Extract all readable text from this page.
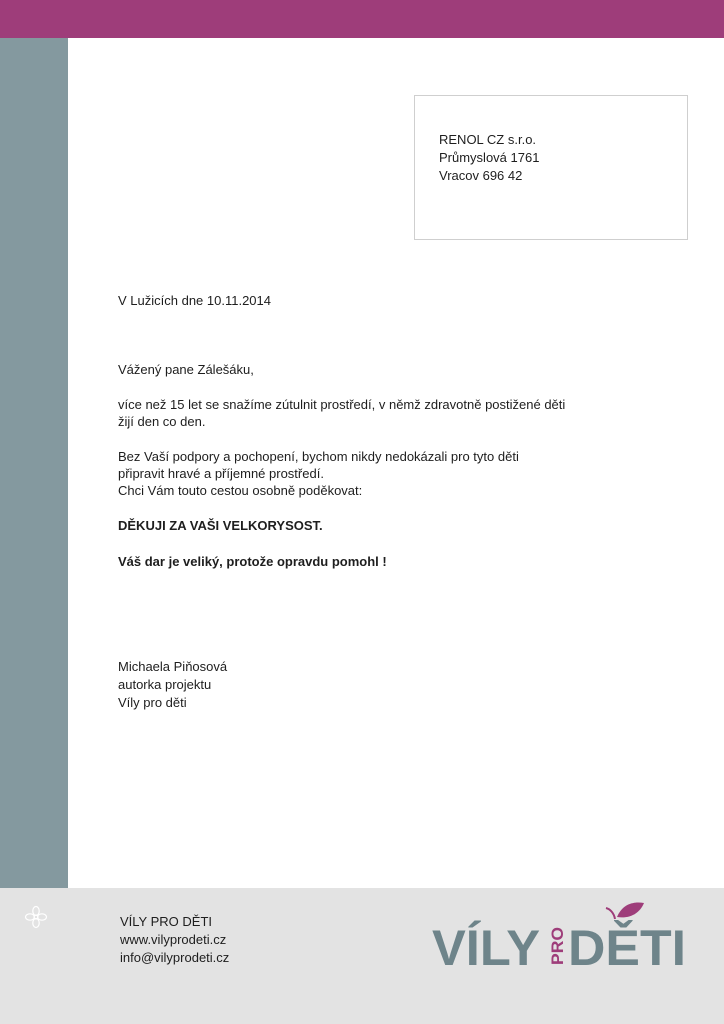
RENOL CZ s.r.o.
Průmyslová 1761
Vracov 696 42
V Lužicích dne 10.11.2014
Vážený pane Zálešáku,
více než 15 let se snažíme zútulnit prostředí, v němž zdravotně postižené děti
žijí den co den.
Bez Vaší podpory a pochopení, bychom nikdy nedokázali pro tyto děti
připravit hravé a příjemné prostředí.
Chci Vám touto cestou osobně poděkovat:
DĚKUJI ZA VAŠI VELKORYSOST.
Váš dar je veliký, protože opravdu pomohl !
Michaela Piňosová
autorka projektu
Víly pro děti
VÍLY PRO DĚTI
www.vilyprodeti.cz
info@vilyprodeti.cz	VÍLY PRO DĚTI
